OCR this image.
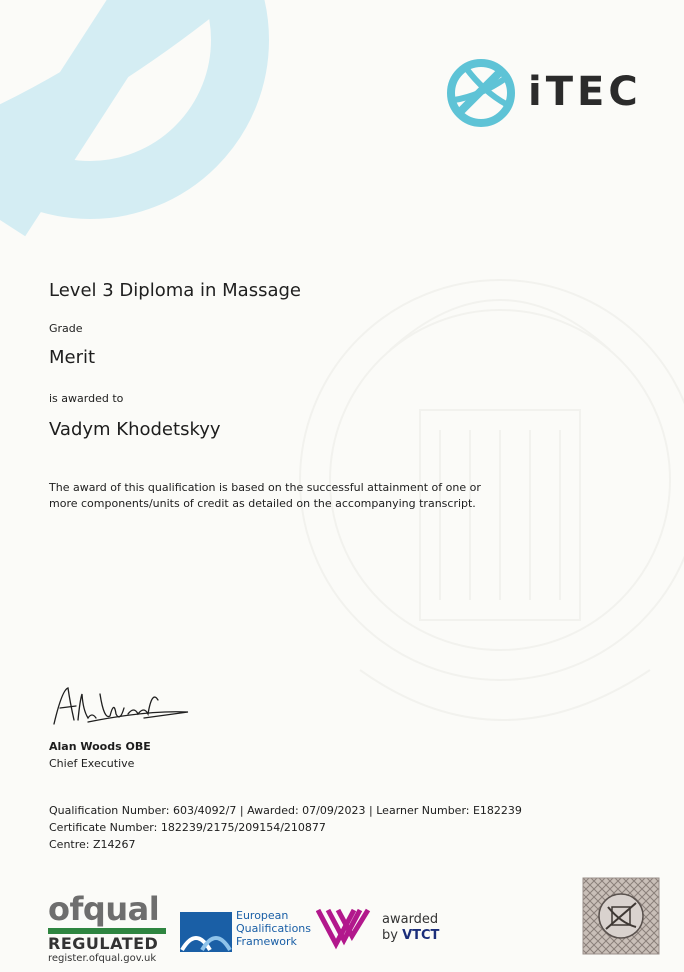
iTEC
Level 3 Diploma in Massage
Grade
Merit
is awarded to
Vadym Khodetskyy
The award of this qualification is based on the successful attainment of one or more components/units of credit as detailed on the accompanying transcript.
Alan Woods OBE
Chief Executive
Qualification Number: 603/4092/7 | Awarded: 07/09/2023 | Learner Number: E182239
Certificate Number: 182239/2175/209154/210877
Centre: Z14267
ofqual
REGULATED
register.ofqual.gov.uk
European
Qualifications
Framework
awarded
by VTCT
